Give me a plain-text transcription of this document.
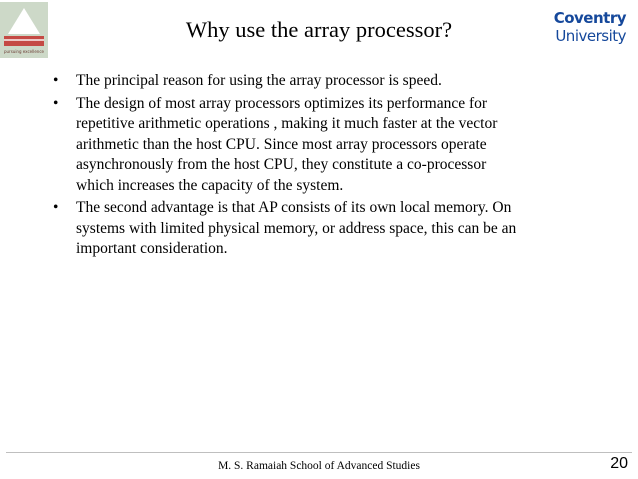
pursuing excellence
Why use the array processor?	Coventry
University
• The principal reason for using the array processor is speed.
• The design of most array processors optimizes its performance for
repetitive arithmetic operations , making it much faster at the vector
arithmetic than the host CPU. Since most array processors operate
asynchronously from the host CPU, they constitute a co-processor
which increases the capacity of the system.
• The second advantage is that AP consists of its own local memory. On
systems with limited physical memory, or address space, this can be an
important consideration.
M. S. Ramaiah School of Advanced Studies	20
